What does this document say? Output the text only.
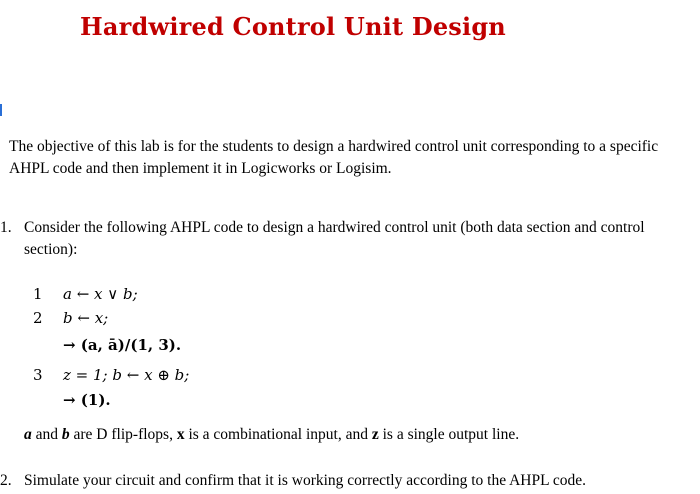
Hardwired Control Unit Design
The objective of this lab is for the students to design a hardwired control unit corresponding to a specific AHPL code and then implement it in Logicworks or Logisim.
1. Consider the following AHPL code to design a hardwired control unit (both data section and control section):
1 a ← x ∨ b;
2 b ← x;
→ (a, ā)/(1, 3).
3 z = 1; b ← x ⊕ b;
→ (1).
a and b are D flip-flops, x is a combinational input, and z is a single output line.
2. Simulate your circuit and confirm that it is working correctly according to the AHPL code.
